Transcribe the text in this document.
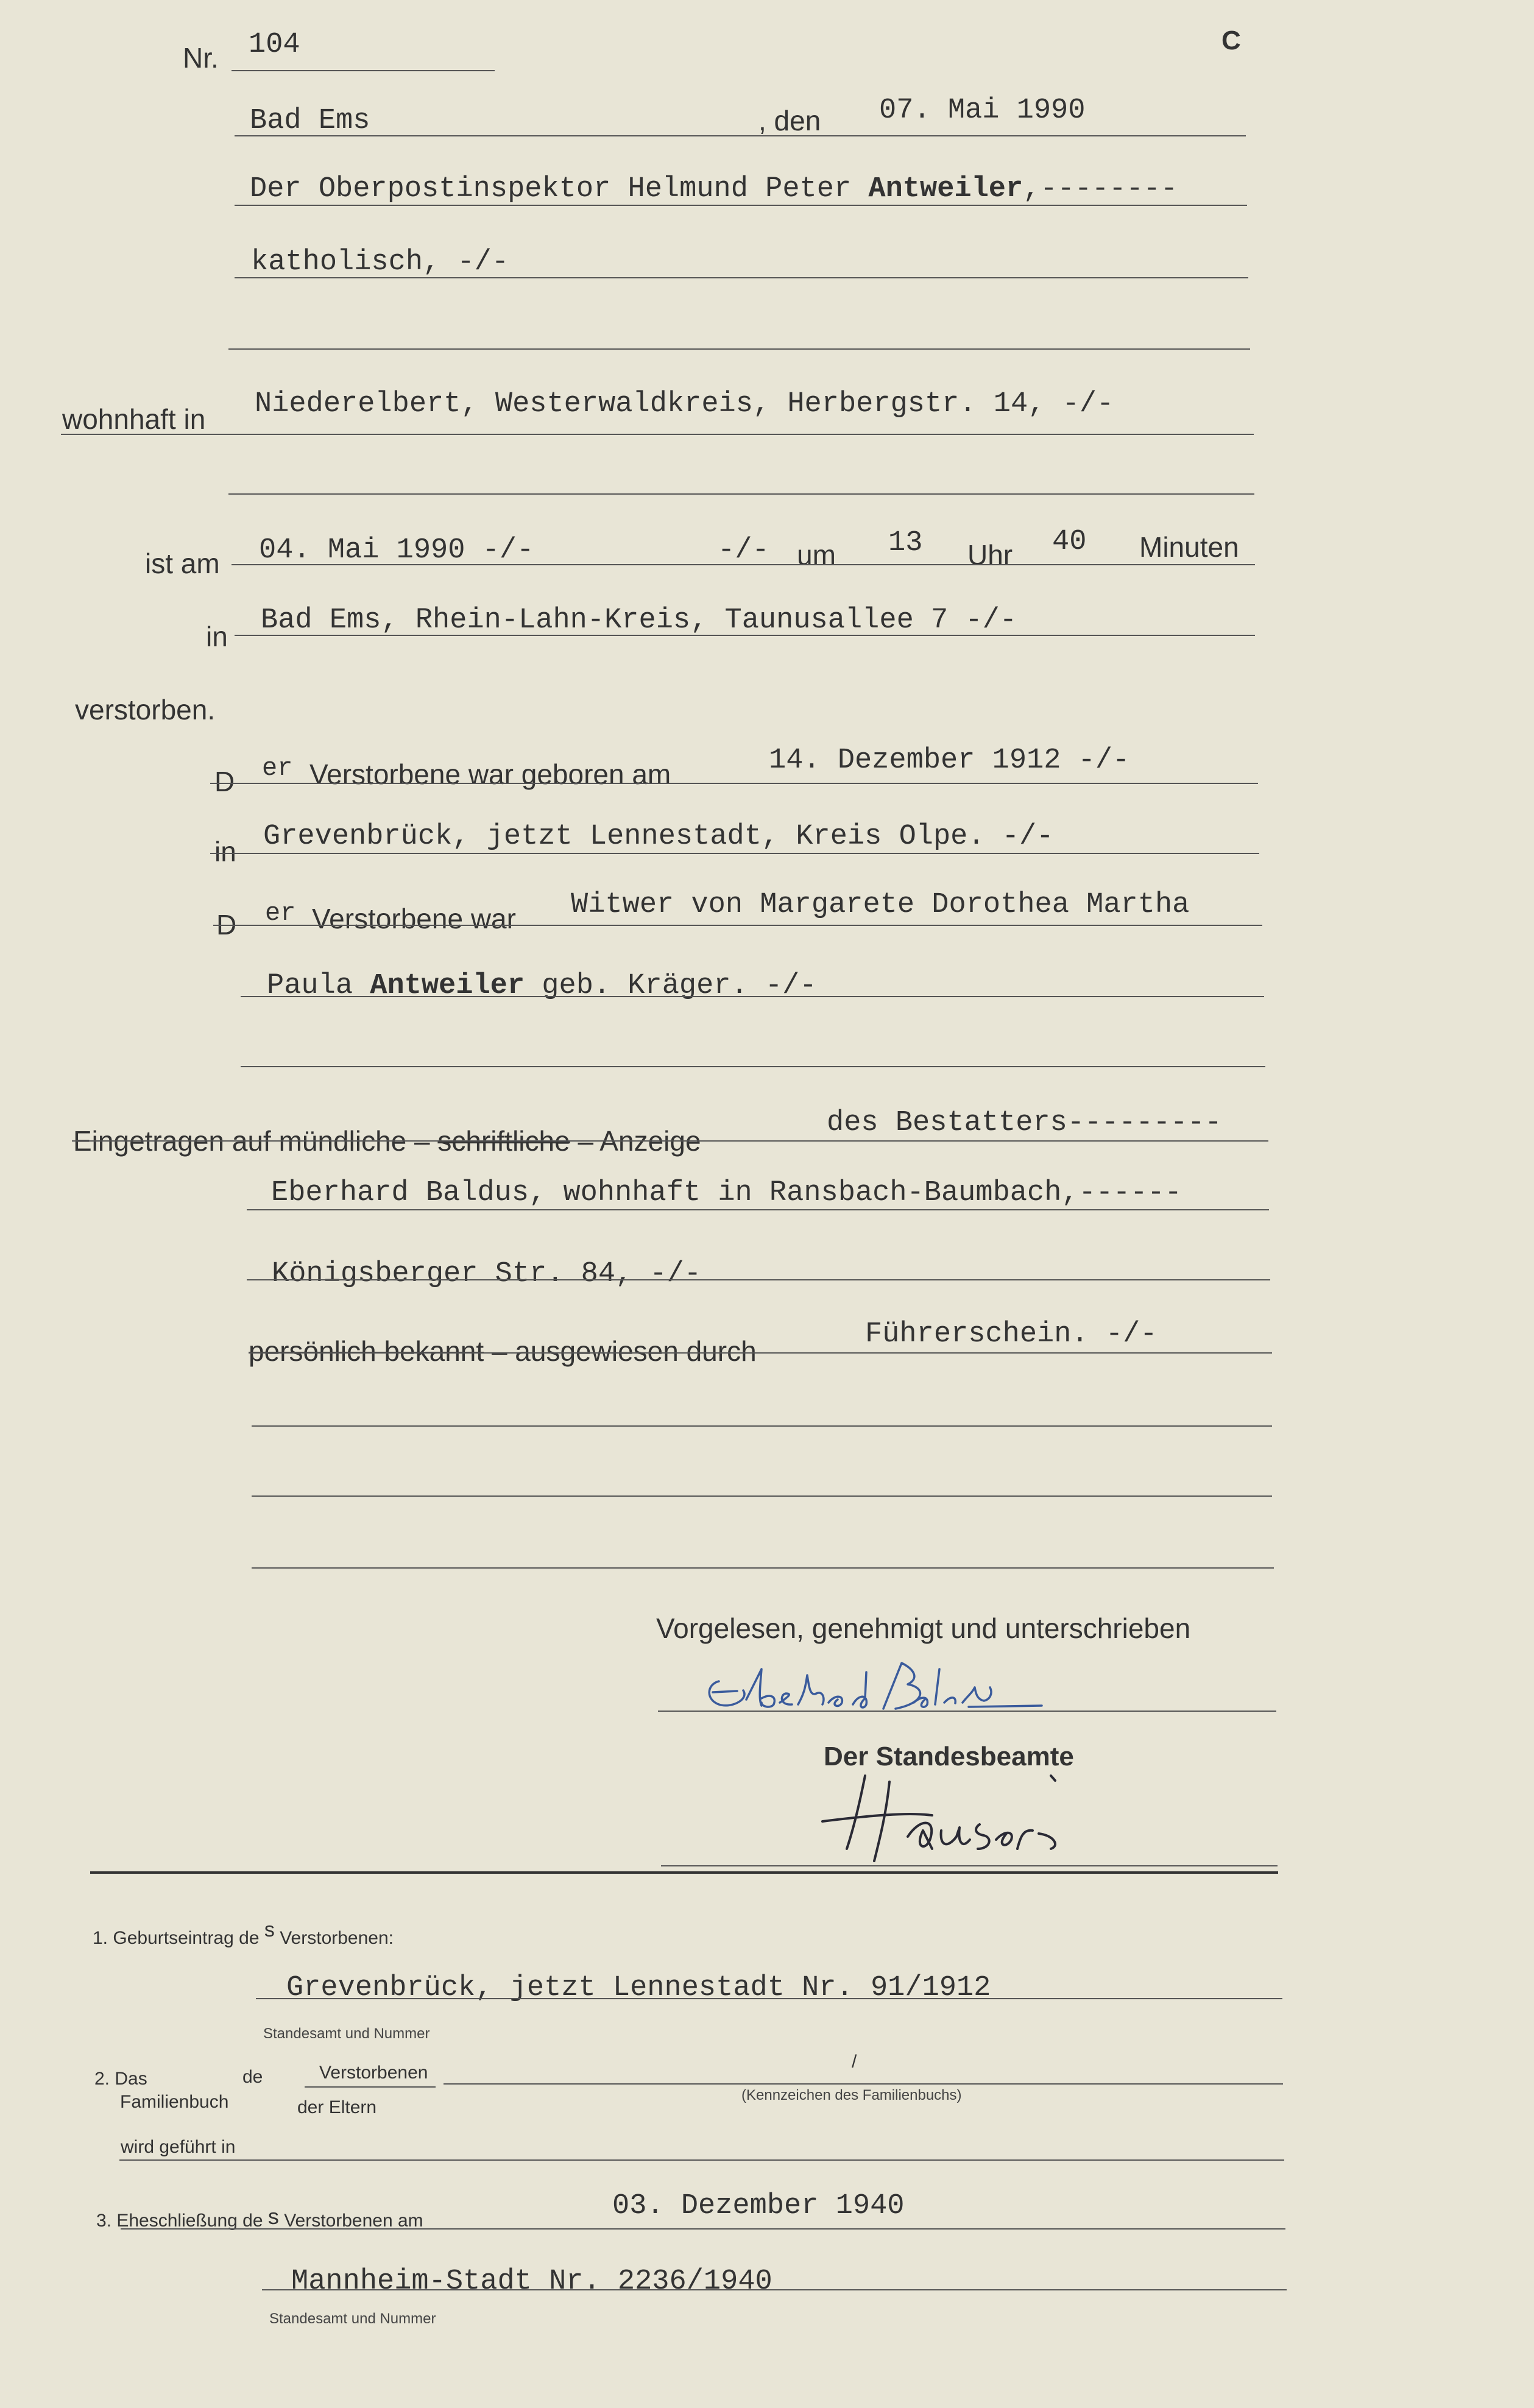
C
Nr. 104
Bad Ems	, den 07. Mai 1990
Der Oberpostinspektor Helmund Peter Antweiler,--------
katholisch, -/-
wohnhaft in Niederelbert, Westerwaldkreis, Herbergstr. 14, -/-
ist am 04. Mai 1990 -/-	-/- um 13 Uhr 40 Minuten
in Bad Ems, Rhein-Lahn-Kreis, Taunusallee 7 -/-
verstorben.
D er Verstorbene war geboren am	14. Dezember 1912 -/-
in Grevenbrück, jetzt Lennestadt, Kreis Olpe. -/-
D er Verstorbene war Witwer von Margarete Dorothea Martha
Paula Antweiler geb. Kräger. -/-
Eingetragen auf mündliche – schriftliche – Anzeige
des Bestatters---------
Eberhard Baldus, wohnhaft in Ransbach-Baumbach,------
Königsberger Str. 84, -/-
persönlich bekannt – ausgewiesen durch
Führerschein. -/-
Vorgelesen, genehmigt und unterschrieben
Der Standesbeamte
1. Geburtseintrag de s Verstorbenen:
Grevenbrück, jetzt Lennestadt Nr. 91/1912
Standesamt und Nummer
2. Das
Familienbuch
de	Verstorbenen
der Eltern
/
(Kennzeichen des Familienbuchs)
wird geführt in
3. Eheschließung de s Verstorbenen am	03. Dezember 1940
Mannheim-Stadt Nr. 2236/1940
Standesamt und Nummer
